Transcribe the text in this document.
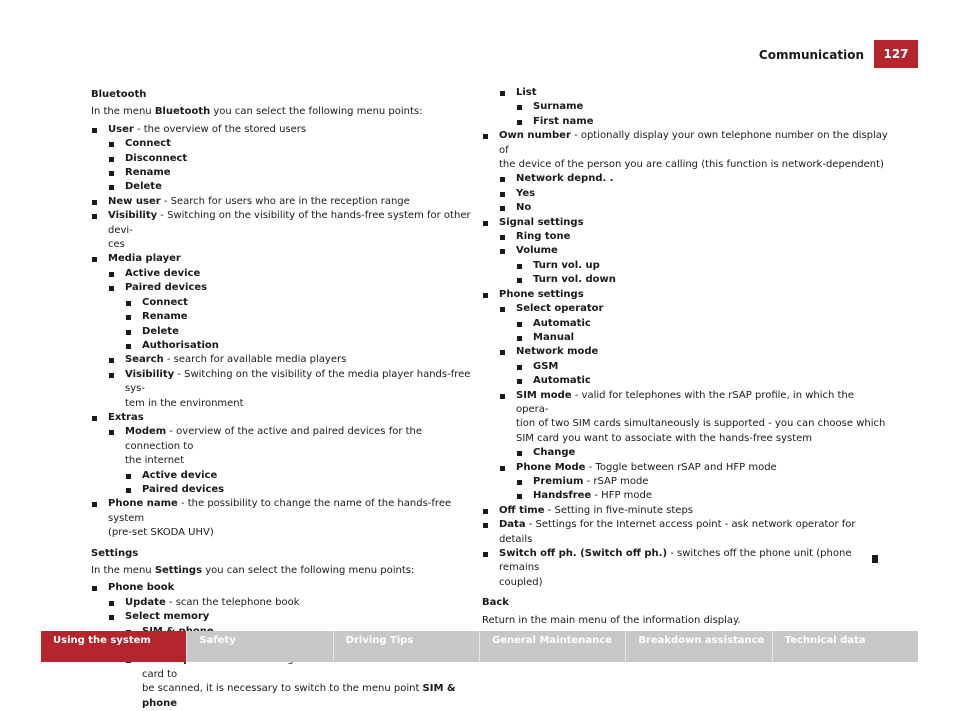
Communication	127
Bluetooth
In the menu Bluetooth you can select the following menu points:
User - the overview of the stored users
Connect
Disconnect
Rename
Delete
New user - Search for users who are in the reception range
Visibility - Switching on the visibility of the hands-free system for other devi-
ces
Media player
Active device
Paired devices
Connect
Rename
Delete
Authorisation
Search - search for available media players
Visibility - Switching on the visibility of the media player hands-free sys-
tem in the environment
Extras
Modem - overview of the active and paired devices for the connection to
the internet
Active device
Paired devices
Phone name - the possibility to change the name of the hands-free system
(pre-set SKODA UHV)
Settings
In the menu Settings you can select the following menu points:
Phone book
Update - scan the telephone book
Select memory
card to
be scanned, it is necessary to switch to the menu point SIM & phone
List
Surname
First name
Own number - optionally display your own telephone number on the display of
the device of the person you are calling (this function is network-dependent)
Network depnd. .
Yes
No
Signal settings
Ring tone
Volume
Turn vol. up
Turn vol. down
Phone settings
Select operator
Automatic
Manual
Network mode
GSM
Automatic
SIM mode - valid for telephones with the rSAP profile, in which the opera-
tion of two SIM cards simultaneously is supported - you can choose which
SIM card you want to associate with the hands-free system
Change
Phone Mode - Toggle between rSAP and HFP mode
Premium - rSAP mode
Handsfree - HFP mode
Off time - Setting in five-minute steps
Data - Settings for the Internet access point - ask network operator for details
Switch off ph. (Switch off ph.) - switches off the phone unit (phone remains
coupled)
Back
Return in the main menu of the information display.
Using the system	Safety	Driving Tips	General Maintenance	Breakdown assistance	Technical data
